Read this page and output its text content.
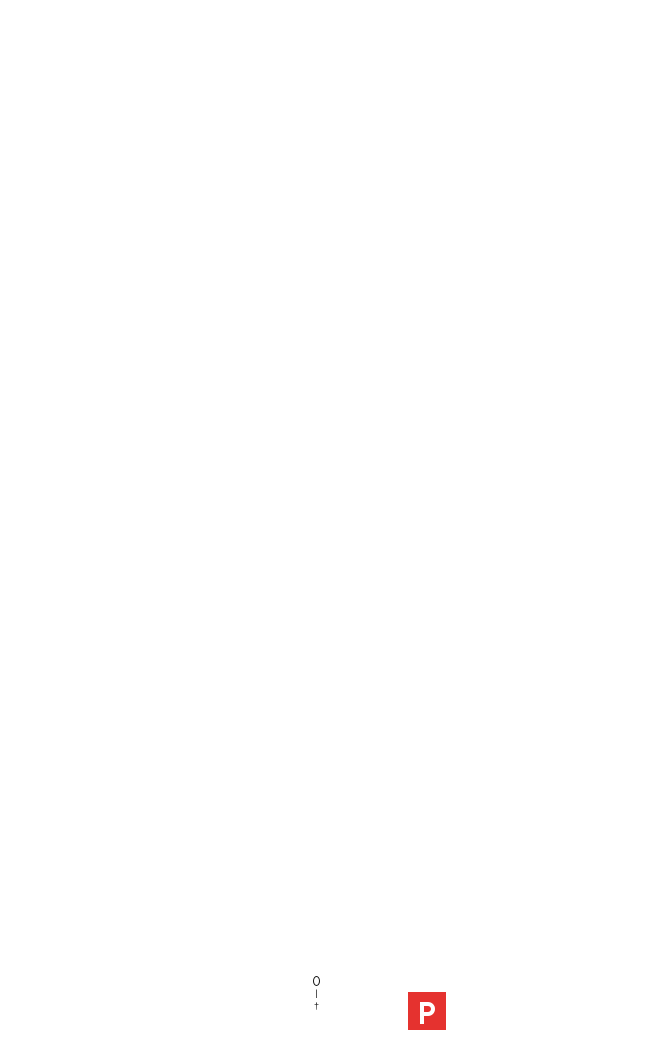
|
†
